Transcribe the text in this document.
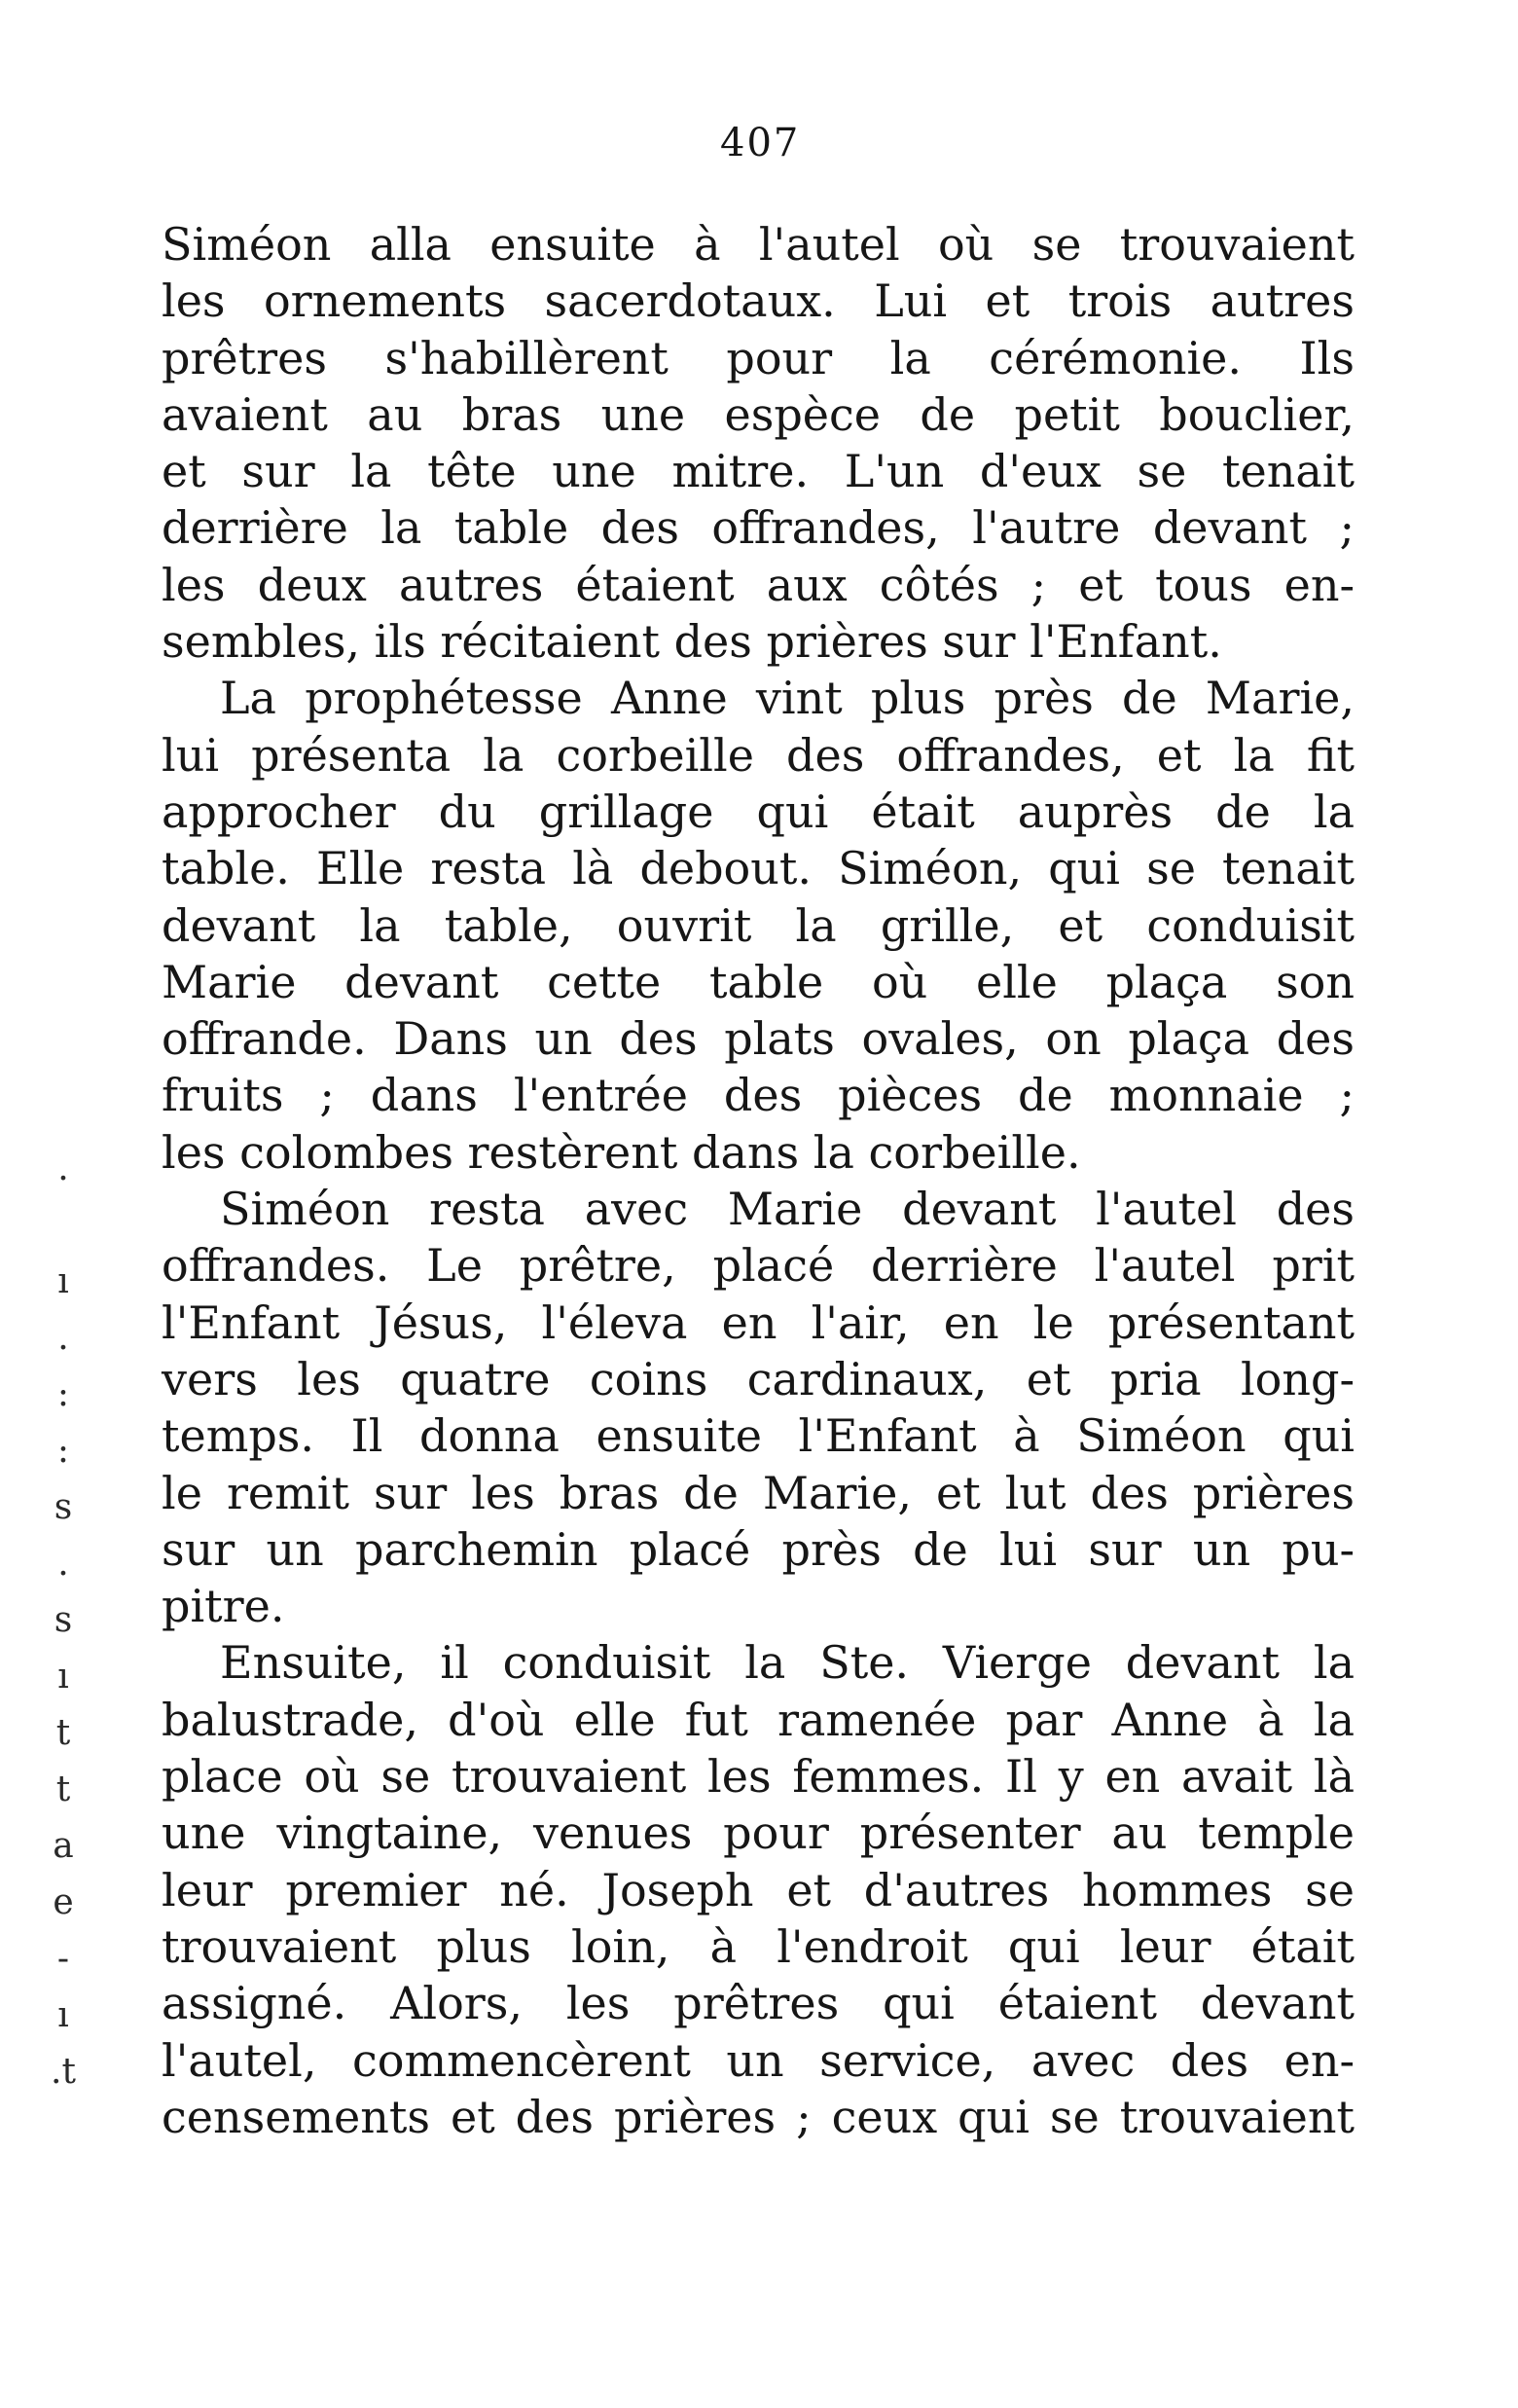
407
Siméon alla ensuite à l'autel où se trouvaient
les ornements sacerdotaux. Lui et trois autres
prêtres s'habillèrent pour la cérémonie. Ils
avaient au bras une espèce de petit bouclier,
et sur la tête une mitre. L'un d'eux se tenait
derrière la table des offrandes, l'autre devant ;
les deux autres étaient aux côtés ; et tous en-
sembles, ils récitaient des prières sur l'Enfant.
La prophétesse Anne vint plus près de Marie,
lui présenta la corbeille des offrandes, et la fit
approcher du grillage qui était auprès de la
table. Elle resta là debout. Siméon, qui se tenait
devant la table, ouvrit la grille, et conduisit
Marie devant cette table où elle plaça son
offrande. Dans un des plats ovales, on plaça des
fruits ; dans l'entrée des pièces de monnaie ;
les colombes restèrent dans la corbeille.
Siméon resta avec Marie devant l'autel des
offrandes. Le prêtre, placé derrière l'autel prit
l'Enfant Jésus, l'éleva en l'air, en le présentant
vers les quatre coins cardinaux, et pria long-
temps. Il donna ensuite l'Enfant à Siméon qui
le remit sur les bras de Marie, et lut des prières
sur un parchemin placé près de lui sur un pu-
pitre.
Ensuite, il conduisit la Ste. Vierge devant la
balustrade, d'où elle fut ramenée par Anne à la
place où se trouvaient les femmes. Il y en avait là
une vingtaine, venues pour présenter au temple
leur premier né. Joseph et d'autres hommes se
trouvaient plus loin, à l'endroit qui leur était
assigné. Alors, les prêtres qui étaient devant
l'autel, commencèrent un service, avec des en-
censements et des prières ; ceux qui se trouvaient
.
ı
.
:
:
s
.
s
ı
t
t
a
e
-
ı
.t
